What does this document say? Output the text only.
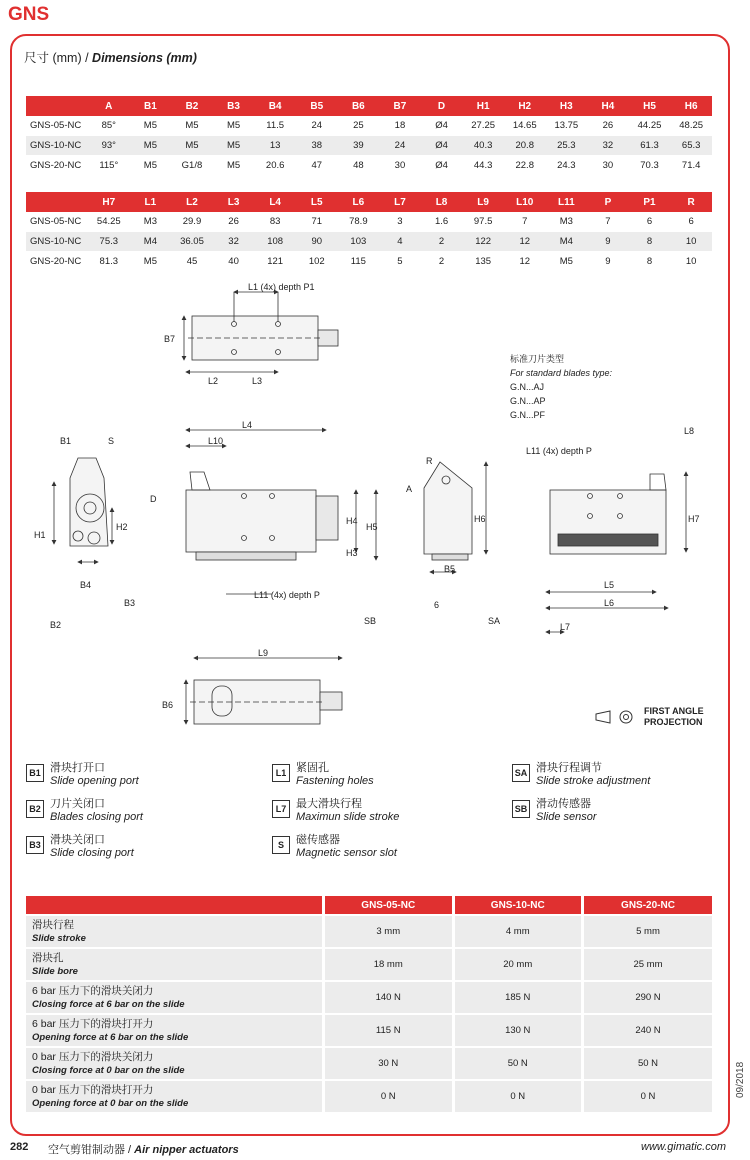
GNS
尺寸 (mm) / Dimensions (mm)
	A	B1	B2	B3	B4	B5	B6	B7	D	H1	H2	H3	H4	H5	H6
GNS-05-NC	85°	M5	M5	M5	11.5	24	25	18	Ø4	27.25	14.65	13.75	26	44.25	48.25
GNS-10-NC	93°	M5	M5	M5	13	38	39	24	Ø4	40.3	20.8	25.3	32	61.3	65.3
GNS-20-NC	115°	M5	G1/8	M5	20.6	47	48	30	Ø4	44.3	22.8	24.3	30	70.3	71.4
	H7	L1	L2	L3	L4	L5	L6	L7	L8	L9	L10	L11	P	P1	R
GNS-05-NC	54.25	M3	29.9	26	83	71	78.9	3	1.6	97.5	7	M3	7	6	6
GNS-10-NC	75.3	M4	36.05	32	108	90	103	4	2	122	12	M4	9	8	10
GNS-20-NC	81.3	M5	45	40	121	102	115	5	2	135	12	M5	9	8	10
L1 (4x) depth P1
B7
L2	L3
标准刀片类型
For standard blades type:
G.N...AJ
G.N...AP
G.N...PF
B1	S
H1
H2
B4
B3
B2
L4
L10
D
H4
H5
H3
L11 (4x) depth P
R
A
H6
B5
6
SB
L8
L11 (4x) depth P
H7
L5
L6
SA
L7
L9
B6
FIRST ANGLE
PROJECTION
B1 滑块打开口
Slide opening port
B2 刀片关闭口
Blades closing port
B3 滑块关闭口
Slide closing port
L1 紧固孔
Fastening holes
L7 最大滑块行程
Maximun slide stroke
S	磁传感器
Magnetic sensor slot
SA 滑块行程调节
Slide stroke adjustment
SB 滑动传感器
Slide sensor
	GNS-05-NC	GNS-10-NC	GNS-20-NC

滑块行程
Slide stroke	3 mm	4 mm	5 mm

滑块孔
Slide bore	18 mm	20 mm	25 mm

6 bar 压力下的滑块关闭力
Closing force at 6 bar on the slide	140 N	185 N	290 N

6 bar 压力下的滑块打开力
Opening force at 6 bar on the slide	115 N	130 N	240 N

0 bar 压力下的滑块关闭力
Closing force at 0 bar on the slide	30 N	50 N	50 N

0 bar 压力下的滑块打开力
Opening force at 0 bar on the slide	0 N	0 N	0 N
282 空气剪钳制动器 / Air nipper actuators	www.gimatic.com
09/2018
